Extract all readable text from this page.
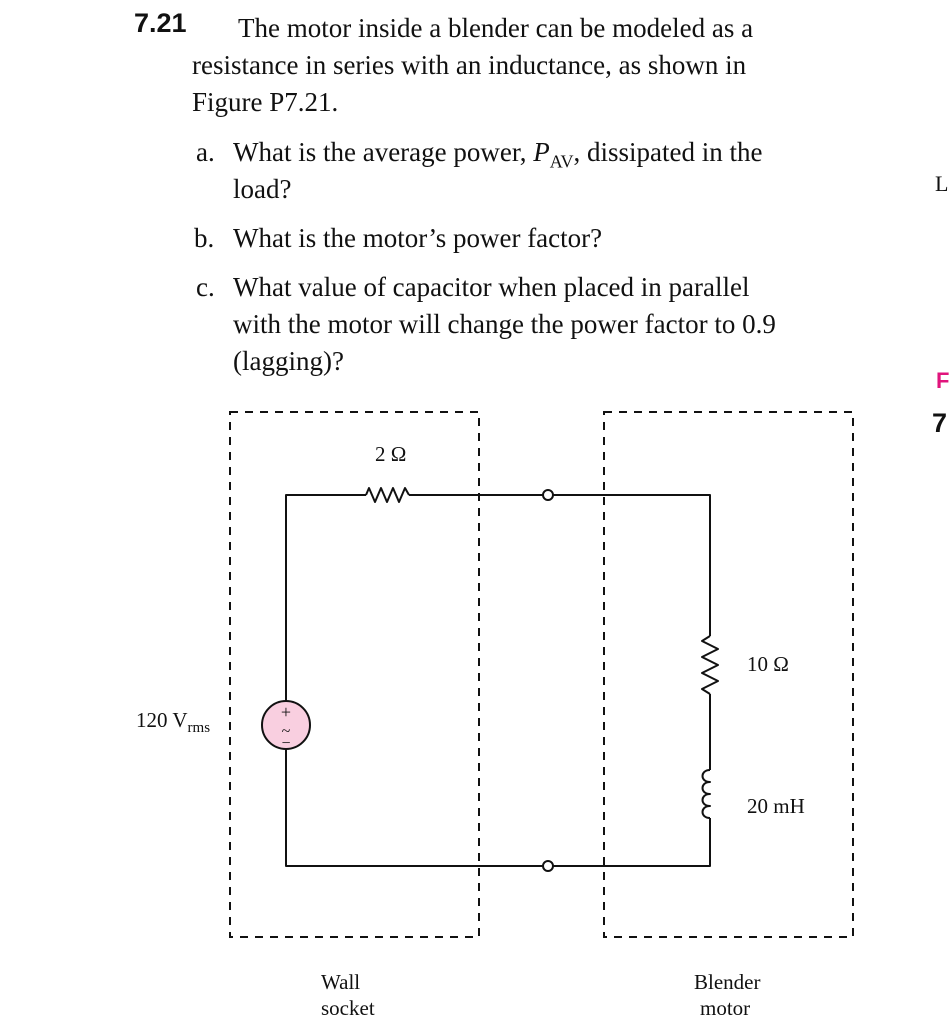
7.21 The motor inside a blender can be modeled as a
resistance in series with an inductance, as shown in
Figure P7.21.
a. What is the average power, $P_{AV}$, dissipated in the
load?
b. What is the motor’s power factor?
c. What value of capacitor when placed in parallel
with the motor will change the power factor to 0.9
(lagging)?
L
F
7
+
~
−
2 Ω
10 Ω
20 mH
120 $V_{rms}$
Wall
socket
Blender
motor
